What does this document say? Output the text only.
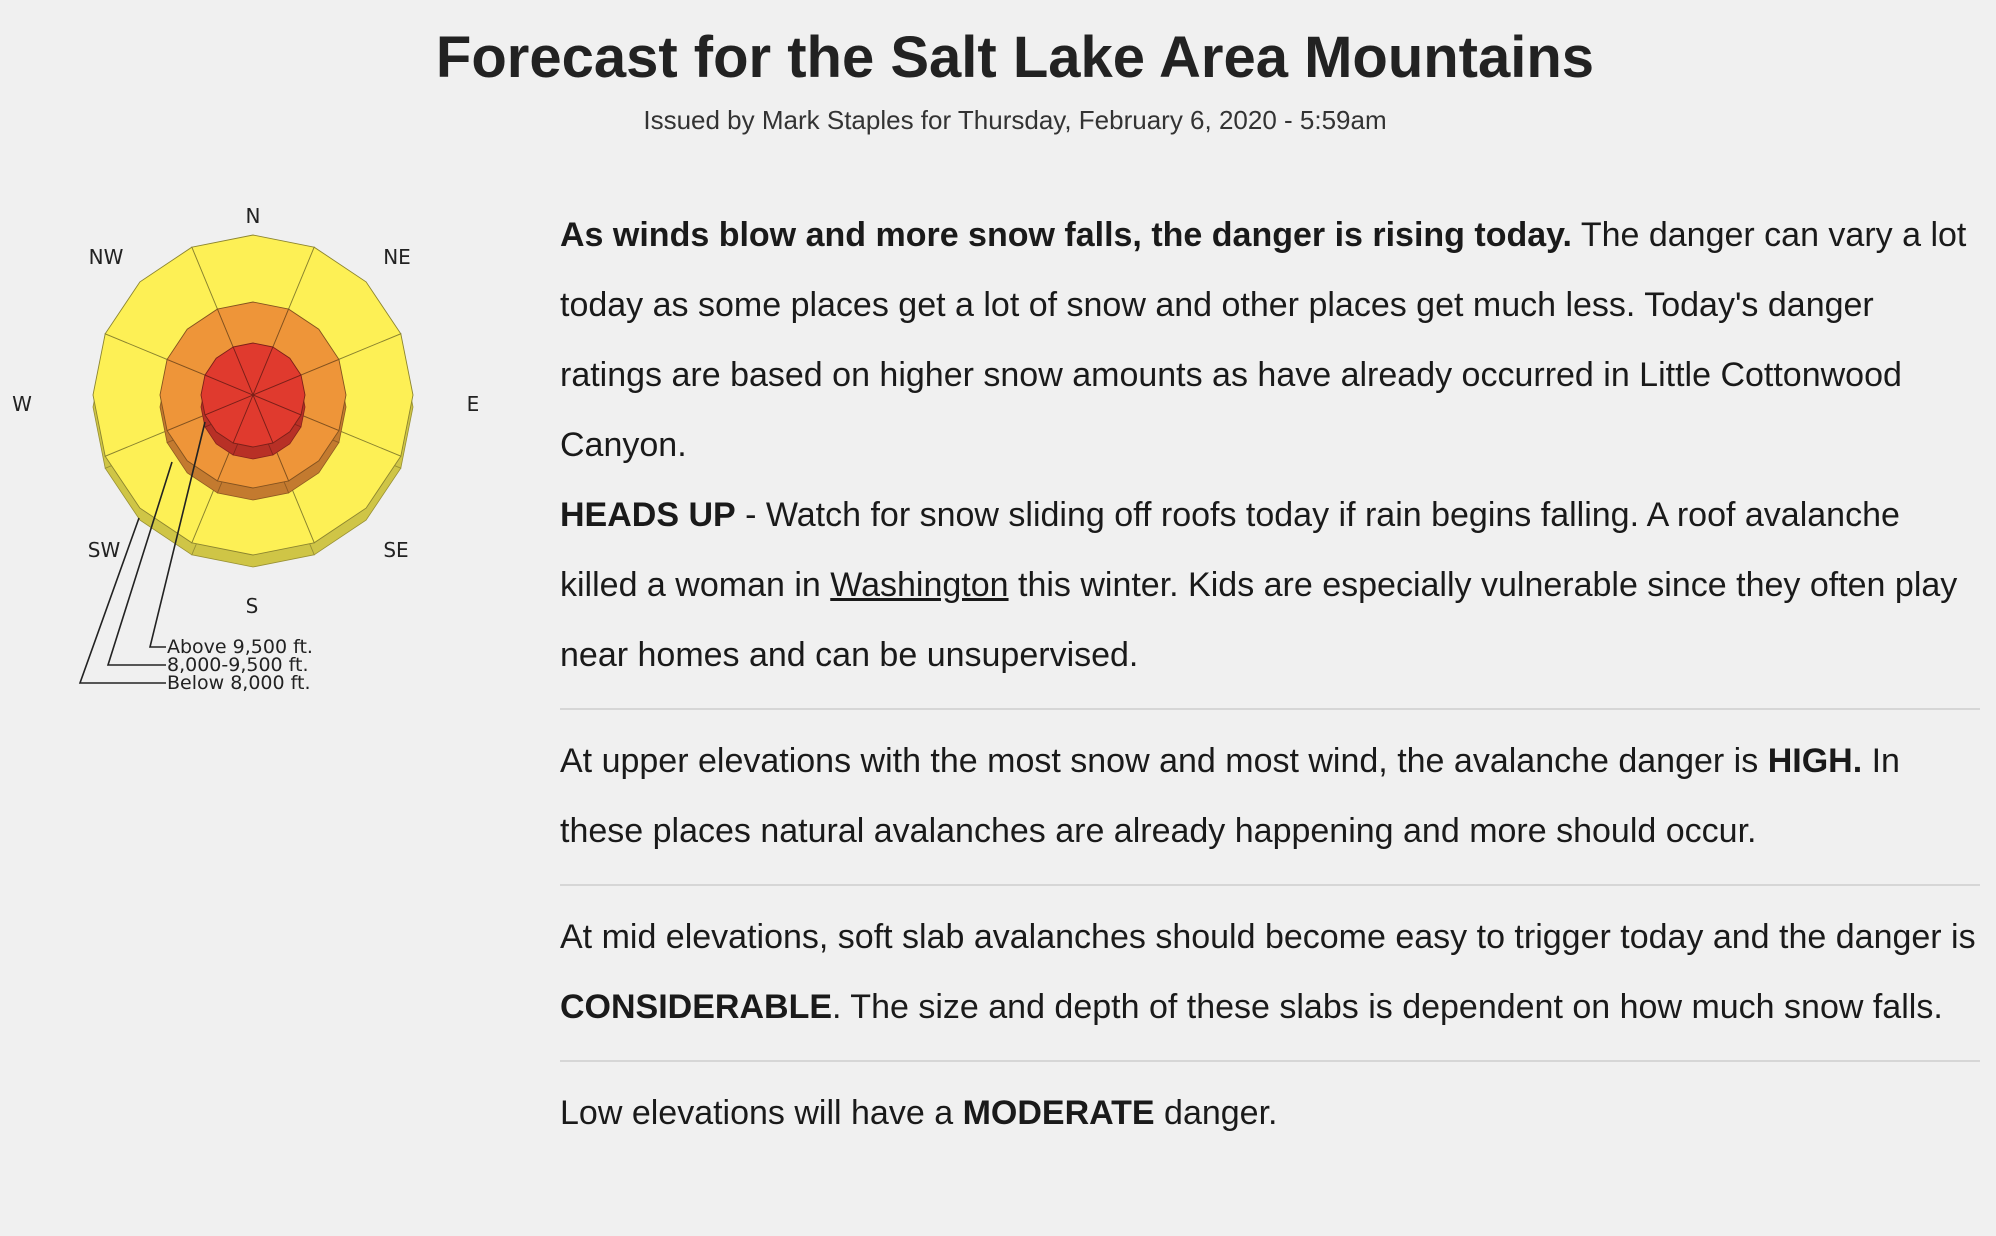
Forecast for the Salt Lake Area Mountains
Issued by Mark Staples for Thursday, February 6, 2020 - 5:59am
N
NE
E
SE
S
SW
W
NW
Above 9,500 ft.
8,000-9,500 ft.
Below 8,000 ft.

As winds blow and more snow falls, the danger is rising today. The danger can vary a lot today as some places get a lot of snow and other places get much less. Today's danger ratings are based on higher snow amounts as have already occurred in Little Cottonwood Canyon.

HEADS UP - Watch for snow sliding off roofs today if rain begins falling. A roof avalanche killed a woman in Washington this winter. Kids are especially vulnerable since they often play near homes and can be unsupervised.

At upper elevations with the most snow and most wind, the avalanche danger is HIGH. In these places natural avalanches are already happening and more should occur.

At mid elevations, soft slab avalanches should become easy to trigger today and the danger is CONSIDERABLE. The size and depth of these slabs is dependent on how much snow falls.

Low elevations will have a MODERATE danger.
